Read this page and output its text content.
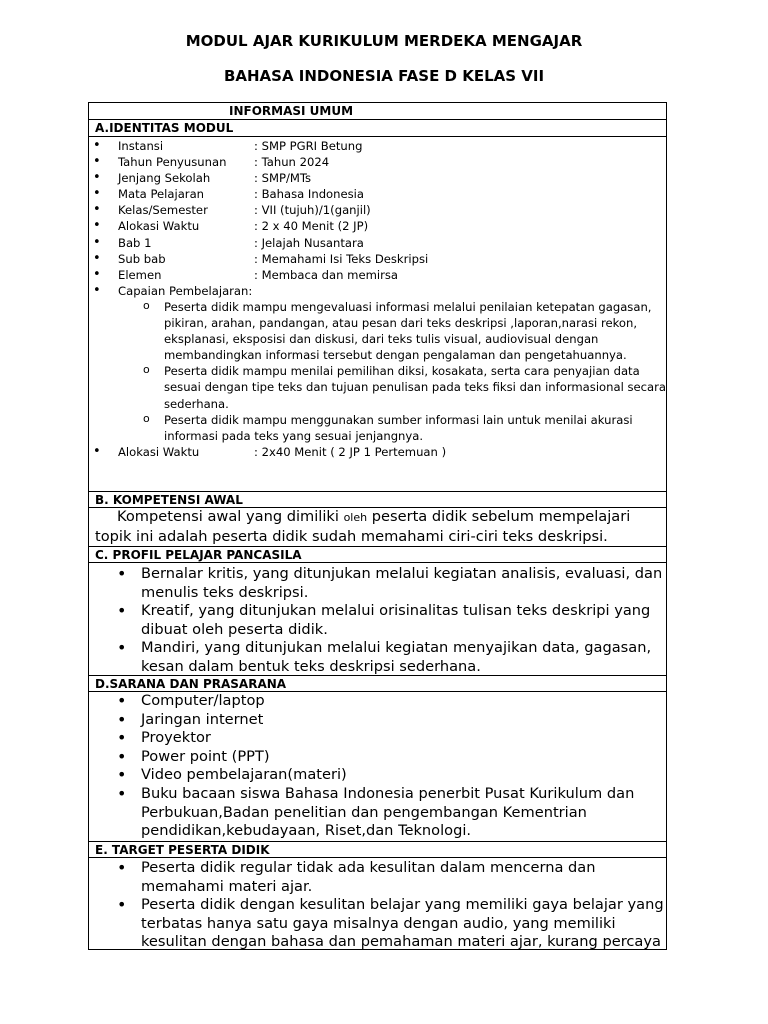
MODUL AJAR KURIKULUM MERDEKA MENGAJAR
BAHASA INDONESIA FASE D KELAS VII
INFORMASI UMUM
A.IDENTITAS MODUL
• Instansi	: SMP PGRI Betung
• Tahun Penyusunan	: Tahun 2024
• Jenjang Sekolah	: SMP/MTs
• Mata Pelajaran	: Bahasa Indonesia
• Kelas/Semester	: VII (tujuh)/1(ganjil)
• Alokasi Waktu	: 2 x 40 Menit (2 JP)
• Bab 1	: Jelajah Nusantara
• Sub bab	: Memahami Isi Teks Deskripsi
• Elemen	: Membaca dan memirsa
• Capaian Pembelajaran:
o Peserta didik mampu mengevaluasi informasi melalui penilaian ketepatan gagasan, pikiran, arahan, pandangan, atau pesan dari teks deskripsi ,laporan,narasi rekon, eksplanasi, eksposisi dan diskusi, dari teks tulis visual, audiovisual dengan membandingkan informasi tersebut dengan pengalaman dan pengetahuannya.
o Peserta didik mampu menilai pemilihan diksi, kosakata, serta cara penyajian data sesuai dengan tipe teks dan tujuan penulisan pada teks fiksi dan informasional secara sederhana.
o Peserta didik mampu menggunakan sumber informasi lain untuk menilai akurasi informasi pada teks yang sesuai jenjangnya.
• Alokasi Waktu	: 2x40 Menit ( 2 JP 1 Pertemuan )
B. KOMPETENSI AWAL
Kompetensi awal yang dimiliki oleh peserta didik sebelum mempelajari topik ini adalah peserta didik sudah memahami ciri-ciri teks deskripsi.
C. PROFIL PELAJAR PANCASILA
• Bernalar kritis, yang ditunjukan melalui kegiatan analisis, evaluasi, dan menulis teks deskripsi.
• Kreatif, yang ditunjukan melalui orisinalitas tulisan teks deskripi yang dibuat oleh peserta didik.
• Mandiri, yang ditunjukan melalui kegiatan menyajikan data, gagasan, kesan dalam bentuk teks deskripsi sederhana.
D.SARANA DAN PRASARANA
• Computer/laptop
• Jaringan internet
• Proyektor
• Power point (PPT)
• Video pembelajaran(materi)
• Buku bacaan siswa Bahasa Indonesia penerbit Pusat Kurikulum dan Perbukuan,Badan penelitian dan pengembangan Kementrian pendidikan,kebudayaan, Riset,dan Teknologi.
E. TARGET PESERTA DIDIK
• Peserta didik regular tidak ada kesulitan dalam mencerna dan memahami materi ajar.
• Peserta didik dengan kesulitan belajar yang memiliki gaya belajar yang terbatas hanya satu gaya misalnya dengan audio, yang memiliki kesulitan dengan bahasa dan pemahaman materi ajar, kurang percaya
